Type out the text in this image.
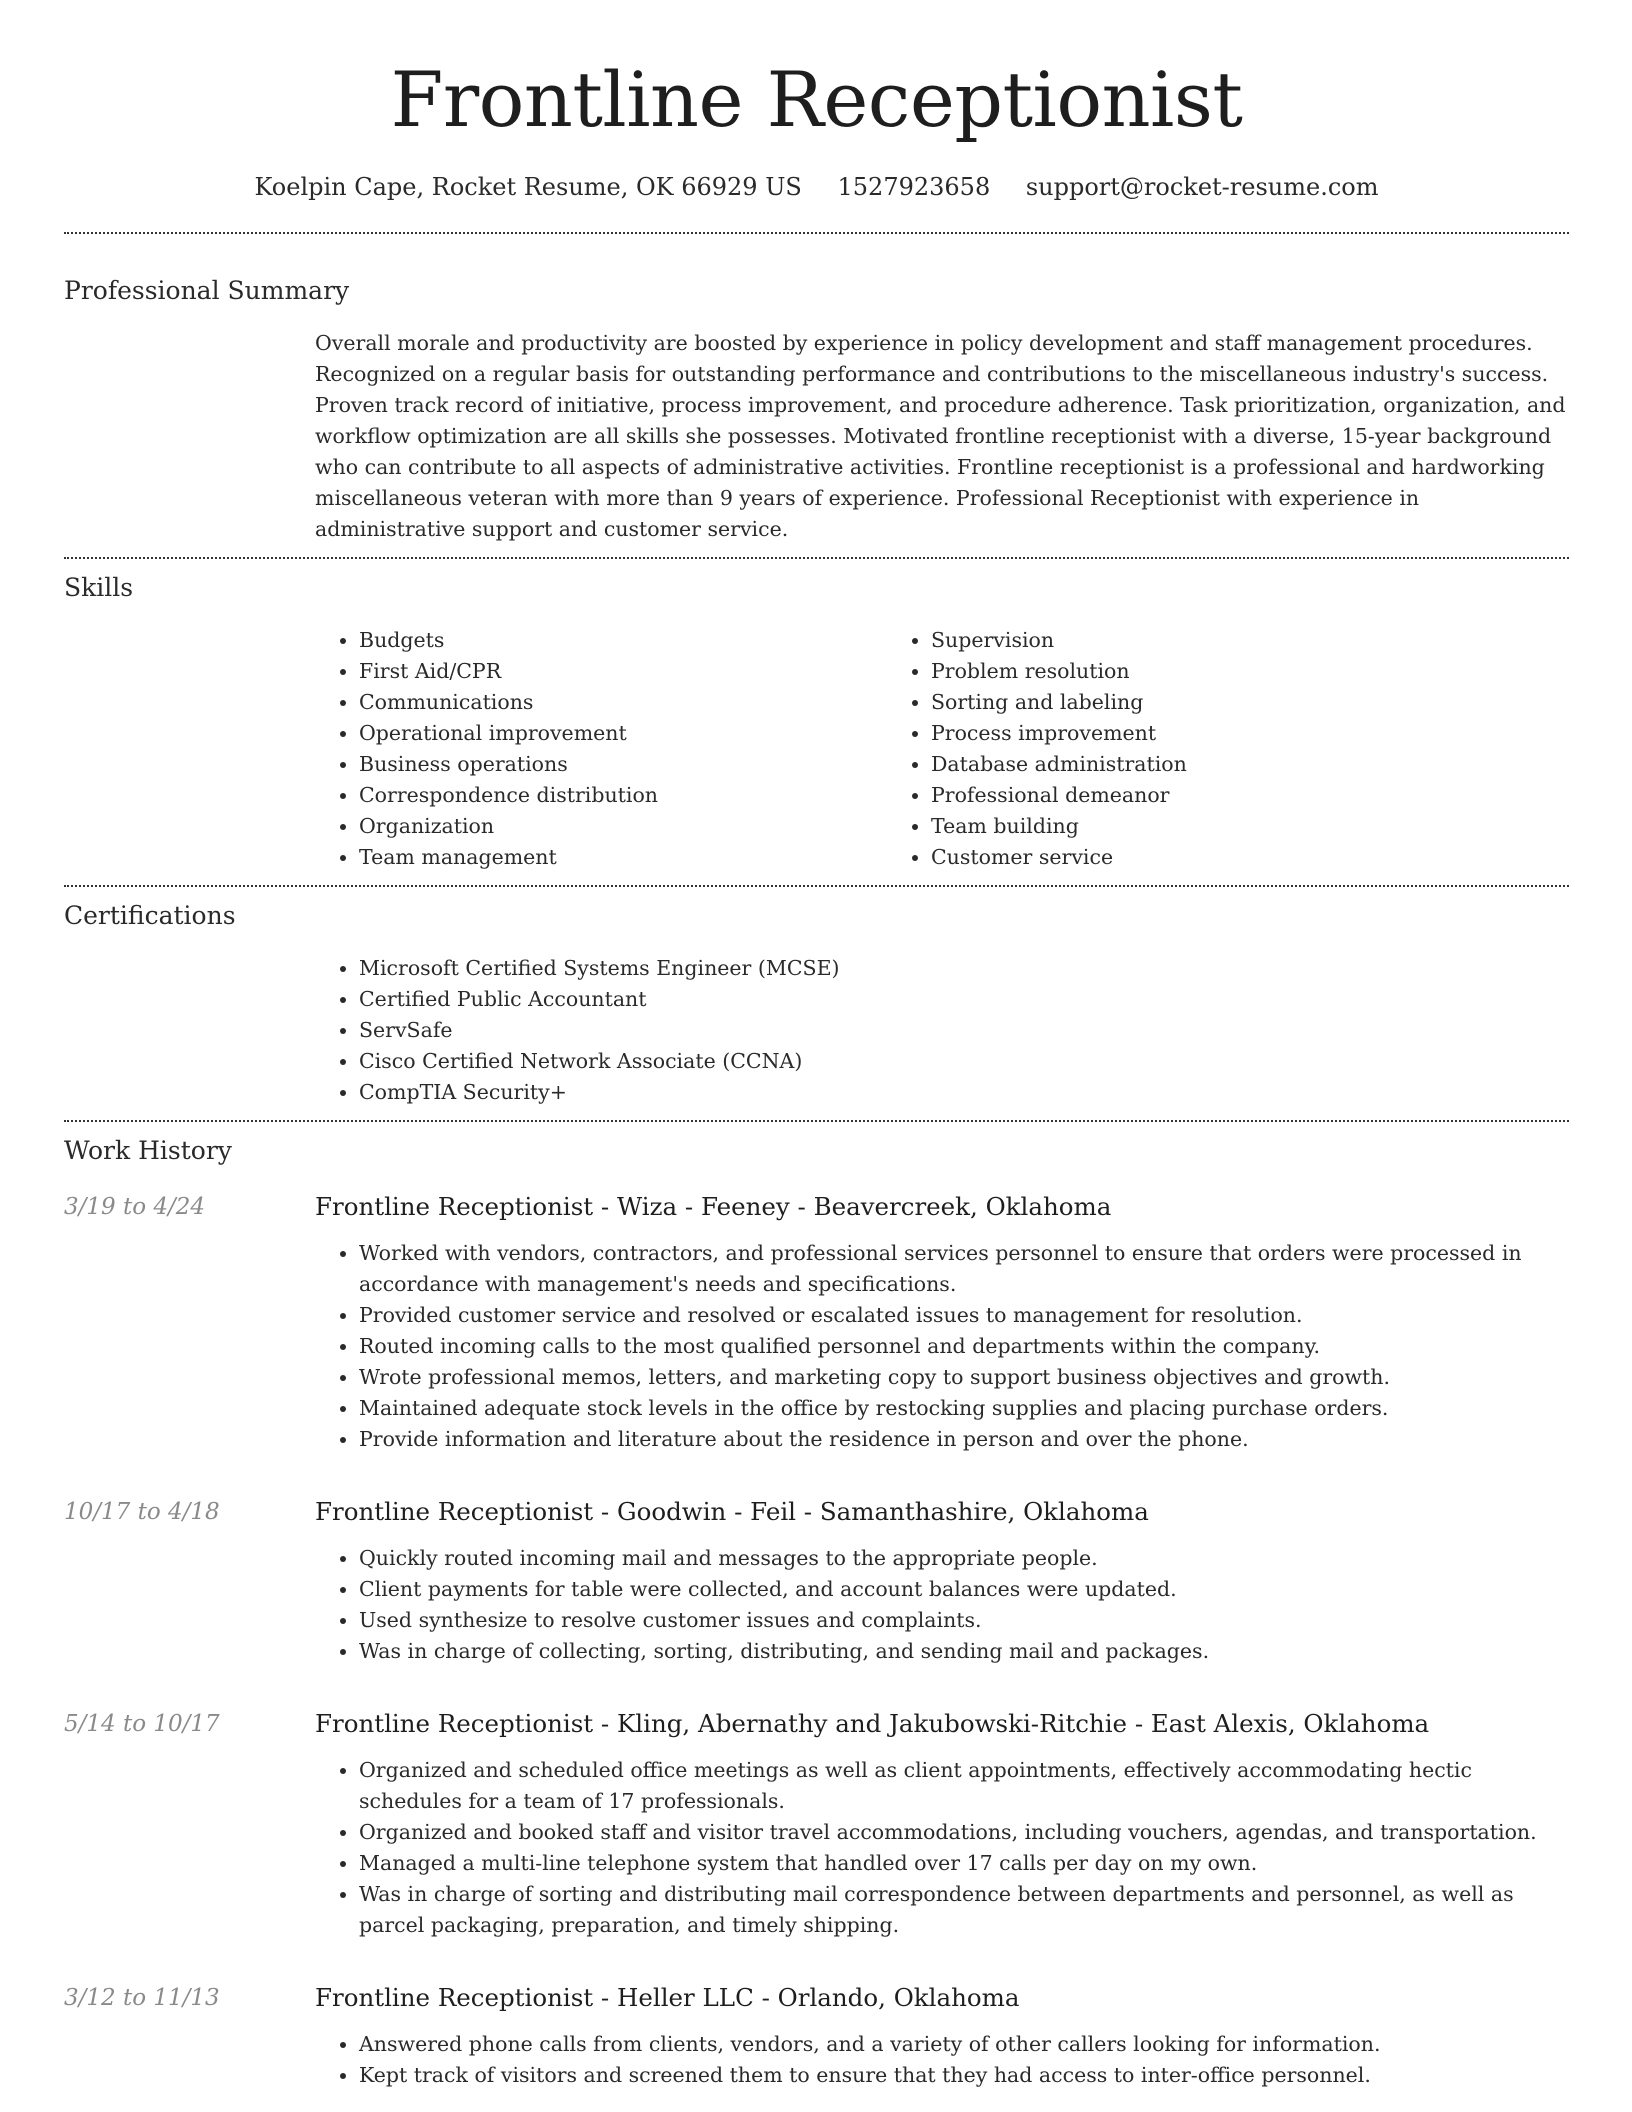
Frontline Receptionist
Koelpin Cape, Rocket Resume, OK 66929 US 1527923658 support@rocket-resume.com
Professional Summary

Overall morale and productivity are boosted by experience in policy development and staff management procedures. Recognized on a regular basis for outstanding performance and contributions to the miscellaneous industry's success. Proven track record of initiative, process improvement, and procedure adherence. Task prioritization, organization, and workflow optimization are all skills she possesses. Motivated frontline receptionist with a diverse, 15-year background who can contribute to all aspects of administrative activities. Frontline receptionist is a professional and hardworking miscellaneous veteran with more than 9 years of experience. Professional Receptionist with experience in administrative support and customer service.

Skills
• Budgets
• First Aid/CPR
• Communications
• Operational improvement
• Business operations
• Correspondence distribution
• Organization
• Team management
• Supervision
• Problem resolution
• Sorting and labeling
• Process improvement
• Database administration
• Professional demeanor
• Team building
• Customer service
Certifications
• Microsoft Certified Systems Engineer (MCSE)
• Certified Public Accountant
• ServSafe
• Cisco Certified Network Associate (CCNA)
• CompTIA Security+
Work History
3/19 to 4/24	Frontline Receptionist - Wiza - Feeney - Beavercreek, Oklahoma
• Worked with vendors, contractors, and professional services personnel to ensure that orders were processed in accordance with management's needs and specifications.
• Provided customer service and resolved or escalated issues to management for resolution.
• Routed incoming calls to the most qualified personnel and departments within the company.
• Wrote professional memos, letters, and marketing copy to support business objectives and growth.
• Maintained adequate stock levels in the office by restocking supplies and placing purchase orders.
• Provide information and literature about the residence in person and over the phone.
10/17 to 4/18	Frontline Receptionist - Goodwin - Feil - Samanthashire, Oklahoma
• Quickly routed incoming mail and messages to the appropriate people.
• Client payments for table were collected, and account balances were updated.
• Used synthesize to resolve customer issues and complaints.
• Was in charge of collecting, sorting, distributing, and sending mail and packages.
5/14 to 10/17	Frontline Receptionist - Kling, Abernathy and Jakubowski-Ritchie - East Alexis, Oklahoma
• Organized and scheduled office meetings as well as client appointments, effectively accommodating hectic schedules for a team of 17 professionals.
• Organized and booked staff and visitor travel accommodations, including vouchers, agendas, and transportation.
• Managed a multi-line telephone system that handled over 17 calls per day on my own.
• Was in charge of sorting and distributing mail correspondence between departments and personnel, as well as parcel packaging, preparation, and timely shipping.
3/12 to 11/13	Frontline Receptionist - Heller LLC - Orlando, Oklahoma
• Answered phone calls from clients, vendors, and a variety of other callers looking for information.
• Kept track of visitors and screened them to ensure that they had access to inter-office personnel.
